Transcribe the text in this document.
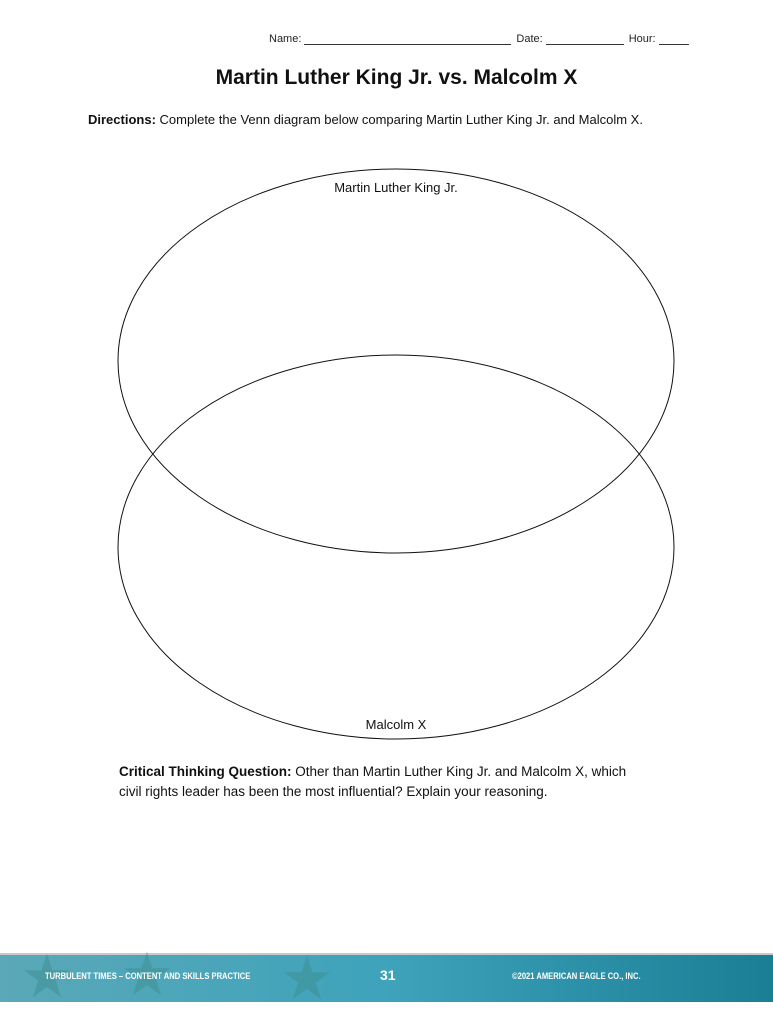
Name:	Date:	Hour:
Martin Luther King Jr. vs. Malcolm X
Directions: Complete the Venn diagram below comparing Martin Luther King Jr. and Malcolm X.
Martin Luther King Jr.
Malcolm X
Critical Thinking Question: Other than Martin Luther King Jr. and Malcolm X, which civil rights leader has been the most influential? Explain your reasoning.
★ ★ ★
TURBULENT TIMES – CONTENT AND SKILLS PRACTICE	31	©2021 AMERICAN EAGLE CO., INC.
